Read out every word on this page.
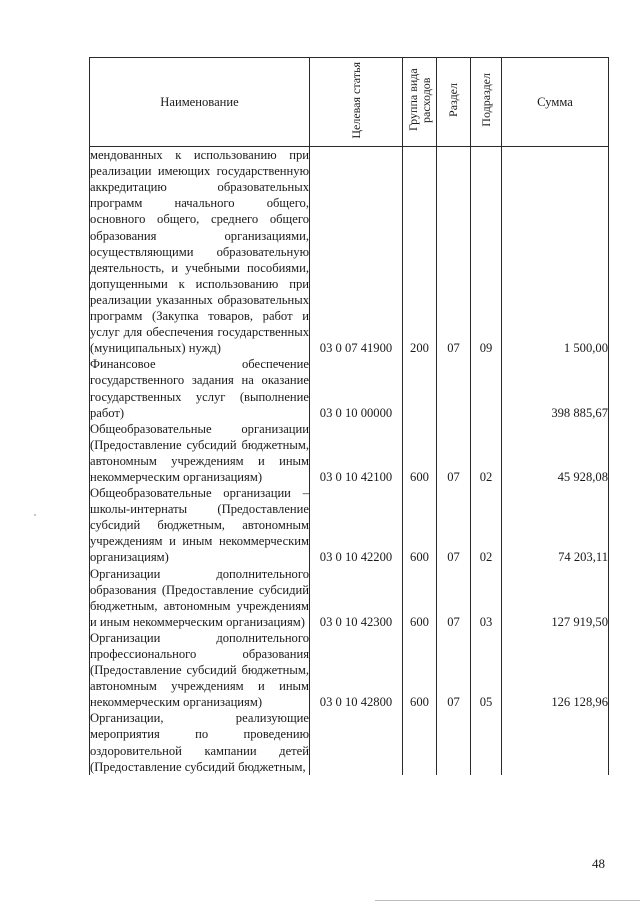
Наименование	Целевая статья	Группа вида расходов	Раздел	Подраздел	Сумма
мендованных к использованию при реализации имеющих государственную аккредитацию образовательных программ начального общего, основного общего, среднего общего образования организациями, осуществляющими образовательную деятельность, и учебными пособиями, допущенными к использованию при реализации указанных образовательных программ (Закупка товаров, работ и услуг для обеспечения государственных (муниципальных) нужд)	03 0 07 41900	200	07	09	1 500,00
Финансовое обеспечение государственного задания на оказание государственных услуг (выполнение работ)	03 0 10 00000				398 885,67
Общеобразовательные организации (Предоставление субсидий бюджетным, автономным учреждениям и иным некоммерческим организациям)	03 0 10 42100	600	07	02	45 928,08
Общеобразовательные организации – школы-интернаты (Предоставление субсидий бюджетным, автономным учреждениям и иным некоммерческим организациям)	03 0 10 42200	600	07	02	74 203,11
Организации дополнительного образования (Предоставление субсидий бюджетным, автономным учреждениям и иным некоммерческим организациям)	03 0 10 42300	600	07	03	127 919,50
Организации дополнительного профессионального образования (Предоставление субсидий бюджетным, автономным учреждениям и иным некоммерческим организациям)	03 0 10 42800	600	07	05	126 128,96
Организации, реализующие мероприятия по проведению оздоровительной кампании детей (Предоставление субсидий бюджетным,					
48
